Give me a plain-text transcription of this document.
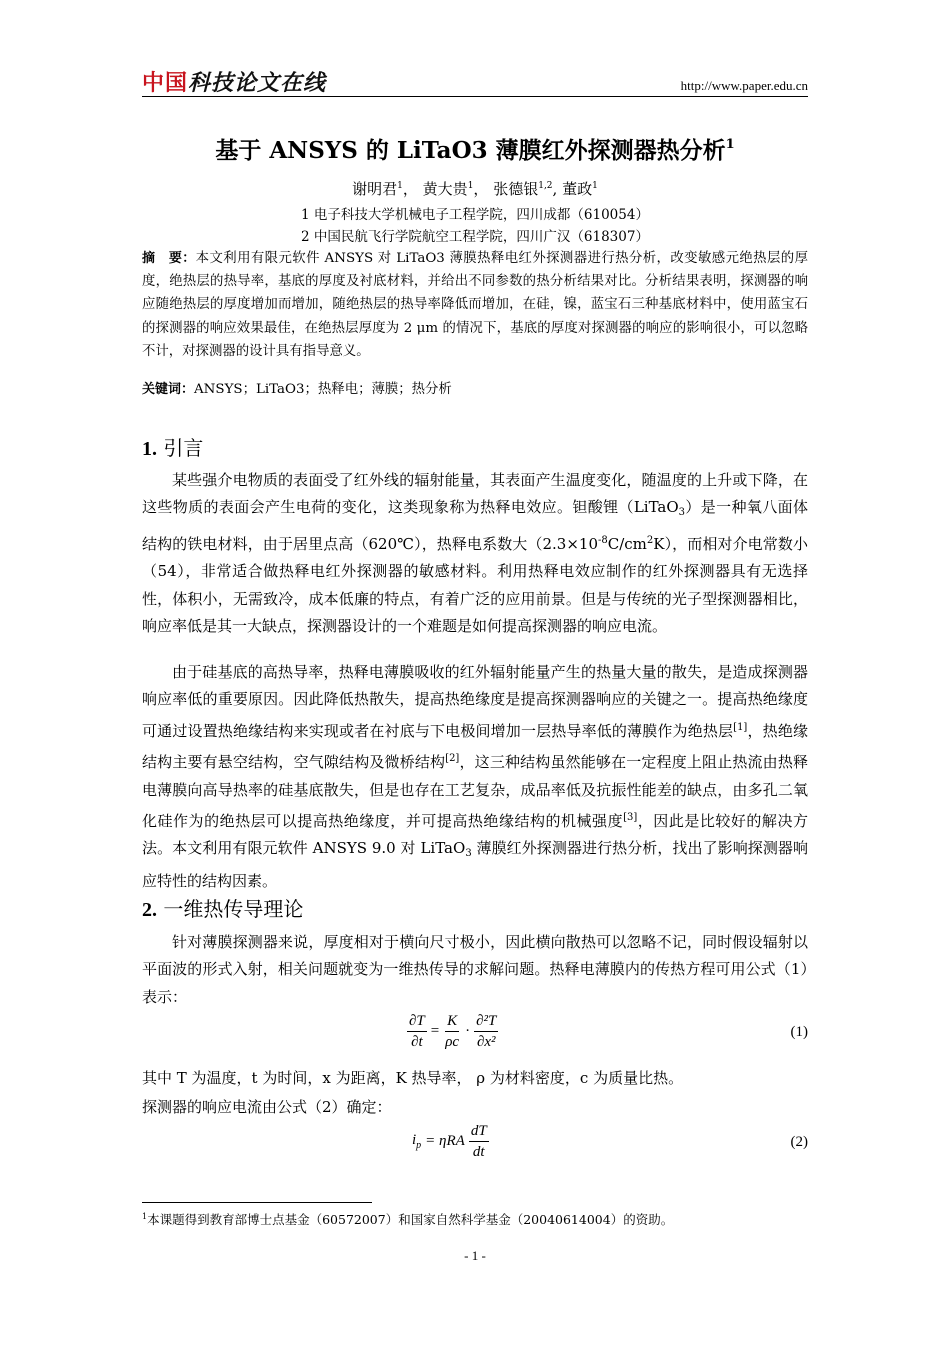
中国 科技论文在线	http://www.paper.edu.cn
基于 ANSYS 的 LiTaO3 薄膜红外探测器热分析$^1$
谢明君$^1$， 黄大贵$^1$， 张德银$^{1,2}$, 董政$^1$
1 电子科技大学机械电子工程学院，四川成都（610054）
2 中国民航飞行学院航空工程学院，四川广汉（618307）
摘　要：本文利用有限元软件 ANSYS 对 LiTaO3 薄膜热释电红外探测器进行热分析，改变敏感元绝热层的厚度，绝热层的热导率，基底的厚度及衬底材料，并给出不同参数的热分析结果对比。分析结果表明，探测器的响应随绝热层的厚度增加而增加，随绝热层的热导率降低而增加，在硅，镍，蓝宝石三种基底材料中，使用蓝宝石的探测器的响应效果最佳，在绝热层厚度为 2 μm 的情况下，基底的厚度对探测器的响应的影响很小，可以忽略不计，对探测器的设计具有指导意义。
关键词：ANSYS；LiTaO3；热释电；薄膜；热分析
1. 引言
某些强介电物质的表面受了红外线的辐射能量，其表面产生温度变化，随温度的上升或下降，在这些物质的表面会产生电荷的变化，这类现象称为热释电效应。钽酸锂（LiTaO$_3$）是一种氧八面体结构的铁电材料，由于居里点高（620℃），热释电系数大$(2.3\times 10^{-8}C/cm^2K)$，而相对介电常数小（54），非常适合做热释电红外探测器的敏感材料。利用热释电效应制作的红外探测器具有无选择性，体积小，无需致冷，成本低廉的特点，有着广泛的应用前景。但是与传统的光子型探测器相比，响应率低是其一大缺点，探测器设计的一个难题是如何提高探测器的响应电流。
由于硅基底的高热导率，热释电薄膜吸收的红外辐射能量产生的热量大量的散失，是造成探测器响应率低的重要原因。因此降低热散失，提高热绝缘度是提高探测器响应的关键之一。提高热绝缘度可通过设置热绝缘结构来实现或者在衬底与下电极间增加一层热导率低的薄膜作为绝热层[1]，热绝缘结构主要有悬空结构，空气隙结构及微桥结构[2]，这三种结构虽然能够在一定程度上阻止热流由热释电薄膜向高导热率的硅基底散失，但是也存在工艺复杂，成品率低及抗振性能差的缺点，由多孔二氧化硅作为的绝热层可以提高热绝缘度，并可提高热绝缘结构的机械强度[3]，因此是比较好的解决方法。本文利用有限元软件 ANSYS 9.0 对 LiTaO$_3$ 薄膜红外探测器进行热分析，找出了影响探测器响应特性的结构因素。
2. 一维热传导理论
针对薄膜探测器来说，厚度相对于横向尺寸极小，因此横向散热可以忽略不记，同时假设辐射以平面波的形式入射，相关问题就变为一维热传导的求解问题。热释电薄膜内的传热方程可用公式（1）表示：
$\frac{\partial T}{\partial t} = \frac{K}{\rho c} \cdot \frac{\text{∂²T}}{\text{∂x²}}$	(1)
其中 T 为温度，t 为时间，x 为距离，K 热导率， ρ 为材料密度，c 为质量比热。
探测器的响应电流由公式（2）确定：
$i_p = \eta RA \frac{dT}{dt}$	(2)
$^1$本课题得到教育部博士点基金（60572007）和国家自然科学基金（20040614004）的资助。
- 1 -
